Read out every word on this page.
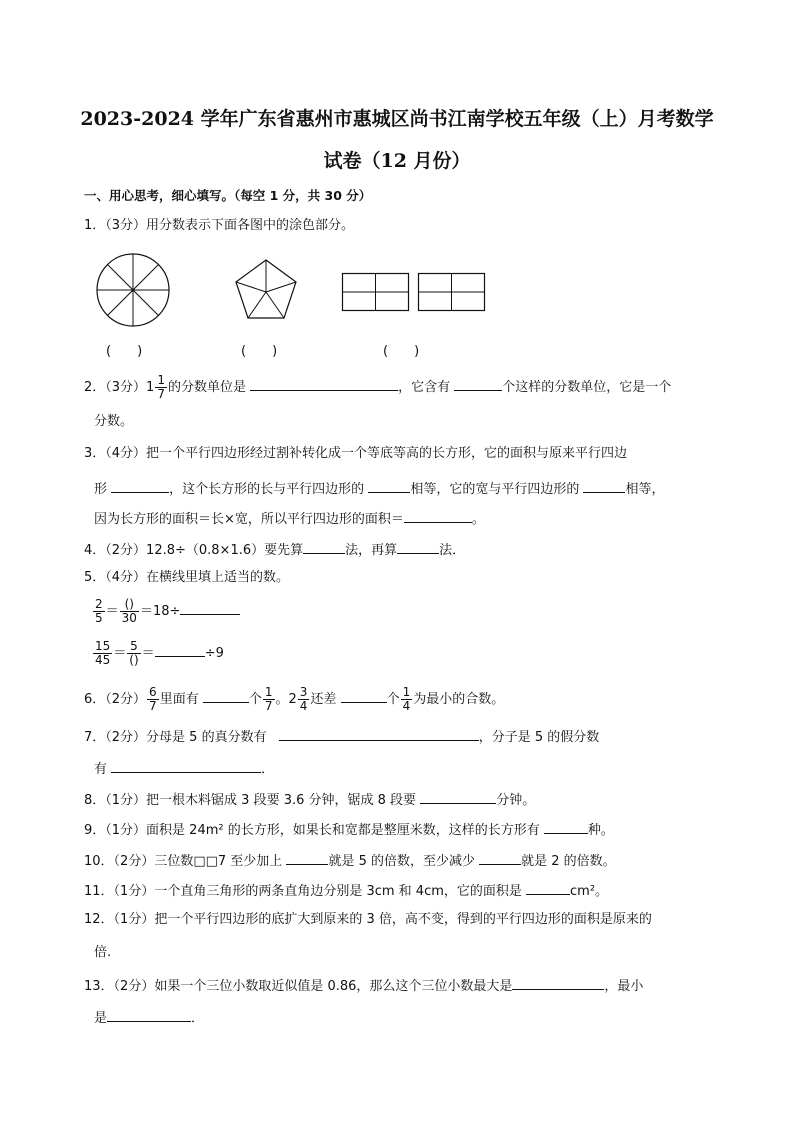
2023-2024 学年广东省惠州市惠城区尚书江南学校五年级（上）月考数学
试卷（12 月份）
一、用心思考，细心填写。（每空 1 分，共 30 分）
1．（3分）用分数表示下面各图中的涂色部分。
(　　)	(　　)	(　　)
2．（3分）$1 \frac{1}{7}$ 的分数单位是	，它含有	个这样的分数单位，它是一个
分数。
3．（4分）把一个平行四边形经过割补转化成一个等底等高的长方形，它的面积与原来平行四边
形	，这个长方形的长与平行四边形的	相等，它的宽与平行四边形的	相等，
因为长方形的面积＝长×宽，所以平行四边形的面积＝	。
4．（2分）12.8÷（0.8×1.6）要先算	法，再算	法．
5．（4分）在横线里填上适当的数。
$\frac{2}{5} = \frac{()}{30} =18\div$
$\frac{15}{45} = \frac{5}{()}$ ＝	÷9
6．（2分） $\frac{6}{7}$ 里面有	个 $\frac{1}{7}$ 。$2 \frac{3}{4}$ 还差	个 $\frac{1}{4}$ 为最小的合数。
7．（2分）分母是 5 的真分数有	，分子是 5 的假分数
有	．
8．（1分）把一根木料锯成 3 段要 3.6 分钟，锯成 8 段要	分钟。
9．（1分）面积是 24m² 的长方形，如果长和宽都是整厘米数，这样的长方形有	种。
10．（2分）三位数□□7 至少加上	就是 5 的倍数，至少减少	就是 2 的倍数。
11．（1分）一个直角三角形的两条直角边分别是 3cm 和 4cm，它的面积是	cm²。
12．（1分）把一个平行四边形的底扩大到原来的 3 倍，高不变，得到的平行四边形的面积是原来的
倍.
13．（2分）如果一个三位小数取近似值是 0.86，那么这个三位小数最大是	，最小
是	．
